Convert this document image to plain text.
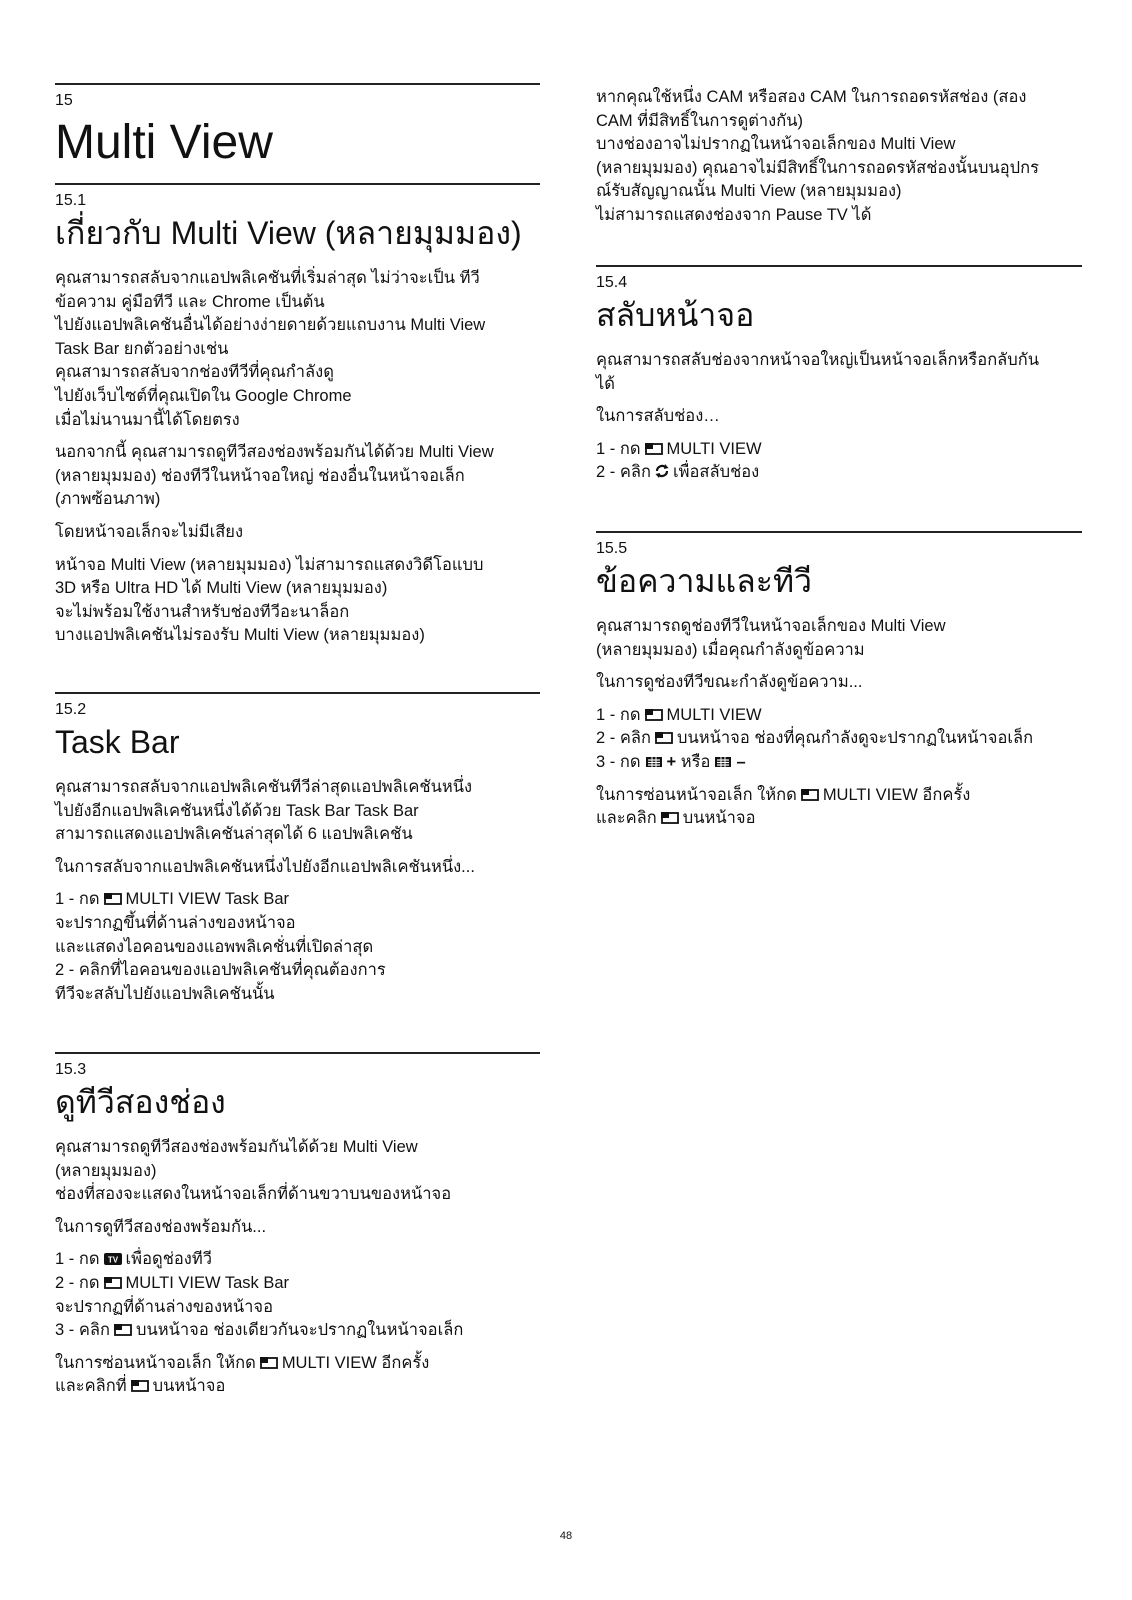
15
Multi View
15.1
เกี่ยวกับ Multi View (หลายมุมมอง)

คุณสามารถสลับจากแอปพลิเคชันที่เริ่มล่าสุด ไม่ว่าจะเป็น ทีวี
ข้อความ คู่มือทีวี และ Chrome เป็นต้น
ไปยังแอปพลิเคชันอื่นได้อย่างง่ายดายด้วยแถบงาน Multi View
Task Bar ยกตัวอย่างเช่น
คุณสามารถสลับจากช่องทีวีที่คุณกำลังดู
ไปยังเว็บไซต์ที่คุณเปิดใน Google Chrome
เมื่อไม่นานมานี้ได้โดยตรง

นอกจากนี้ คุณสามารถดูทีวีสองช่องพร้อมกันได้ด้วย Multi View
(หลายมุมมอง) ช่องทีวีในหน้าจอใหญ่ ช่องอื่นในหน้าจอเล็ก
(ภาพซ้อนภาพ)

โดยหน้าจอเล็กจะไม่มีเสียง

หน้าจอ Multi View (หลายมุมมอง) ไม่สามารถแสดงวิดีโอแบบ
3D หรือ Ultra HD ได้ Multi View (หลายมุมมอง)
จะไม่พร้อมใช้งานสำหรับช่องทีวีอะนาล็อก
บางแอปพลิเคชันไม่รองรับ Multi View (หลายมุมมอง)

15.2
Task Bar

คุณสามารถสลับจากแอปพลิเคชันทีวีล่าสุดแอปพลิเคชันหนึ่ง
ไปยังอีกแอปพลิเคชันหนึ่งได้ด้วย Task Bar Task Bar
สามารถแสดงแอปพลิเคชันล่าสุดได้ 6 แอปพลิเคชัน

ในการสลับจากแอปพลิเคชันหนึ่งไปยังอีกแอปพลิเคชันหนึ่ง...

1 - กด MULTI VIEW Task Bar
จะปรากฏขึ้นที่ด้านล่างของหน้าจอ
และแสดงไอคอนของแอพพลิเคชั่นที่เปิดล่าสุด
2 - คลิกที่ไอคอนของแอปพลิเคชันที่คุณต้องการ
ทีวีจะสลับไปยังแอปพลิเคชันนั้น
15.3
ดูทีวีสองช่อง

คุณสามารถดูทีวีสองช่องพร้อมกันได้ด้วย Multi View
(หลายมุมมอง)
ช่องที่สองจะแสดงในหน้าจอเล็กที่ด้านขวาบนของหน้าจอ

ในการดูทีวีสองช่องพร้อมกัน...

1 - กด TV เพื่อดูช่องทีวี
2 - กด MULTI VIEW Task Bar
จะปรากฏที่ด้านล่างของหน้าจอ
3 - คลิก บนหน้าจอ ช่องเดียวกันจะปรากฏในหน้าจอเล็ก
ในการซ่อนหน้าจอเล็ก ให้กด MULTI VIEW อีกครั้ง
และคลิกที่ บนหน้าจอ

หากคุณใช้หนึ่ง CAM หรือสอง CAM ในการถอดรหัสช่อง (สอง
CAM ที่มีสิทธิ์ในการดูต่างกัน)
บางช่องอาจไม่ปรากฏในหน้าจอเล็กของ Multi View
(หลายมุมมอง) คุณอาจไม่มีสิทธิ์ในการถอดรหัสช่องนั้นบนอุปกร
ณ์รับสัญญาณนั้น Multi View (หลายมุมมอง)
ไม่สามารถแสดงช่องจาก Pause TV ได้

15.4
สลับหน้าจอ

คุณสามารถสลับช่องจากหน้าจอใหญ่เป็นหน้าจอเล็กหรือกลับกัน
ได้

ในการสลับช่อง…

1 - กด MULTI VIEW
2 - คลิก เพื่อสลับช่อง
15.5
ข้อความและทีวี

คุณสามารถดูช่องทีวีในหน้าจอเล็กของ Multi View
(หลายมุมมอง) เมื่อคุณกำลังดูข้อความ

ในการดูช่องทีวีขณะกำลังดูข้อความ...

1 - กด MULTI VIEW
2 - คลิก บนหน้าจอ ช่องที่คุณกำลังดูจะปรากฏในหน้าจอเล็ก
3 - กด + หรือ –
ในการซ่อนหน้าจอเล็ก ให้กด MULTI VIEW อีกครั้ง
และคลิก บนหน้าจอ
48
